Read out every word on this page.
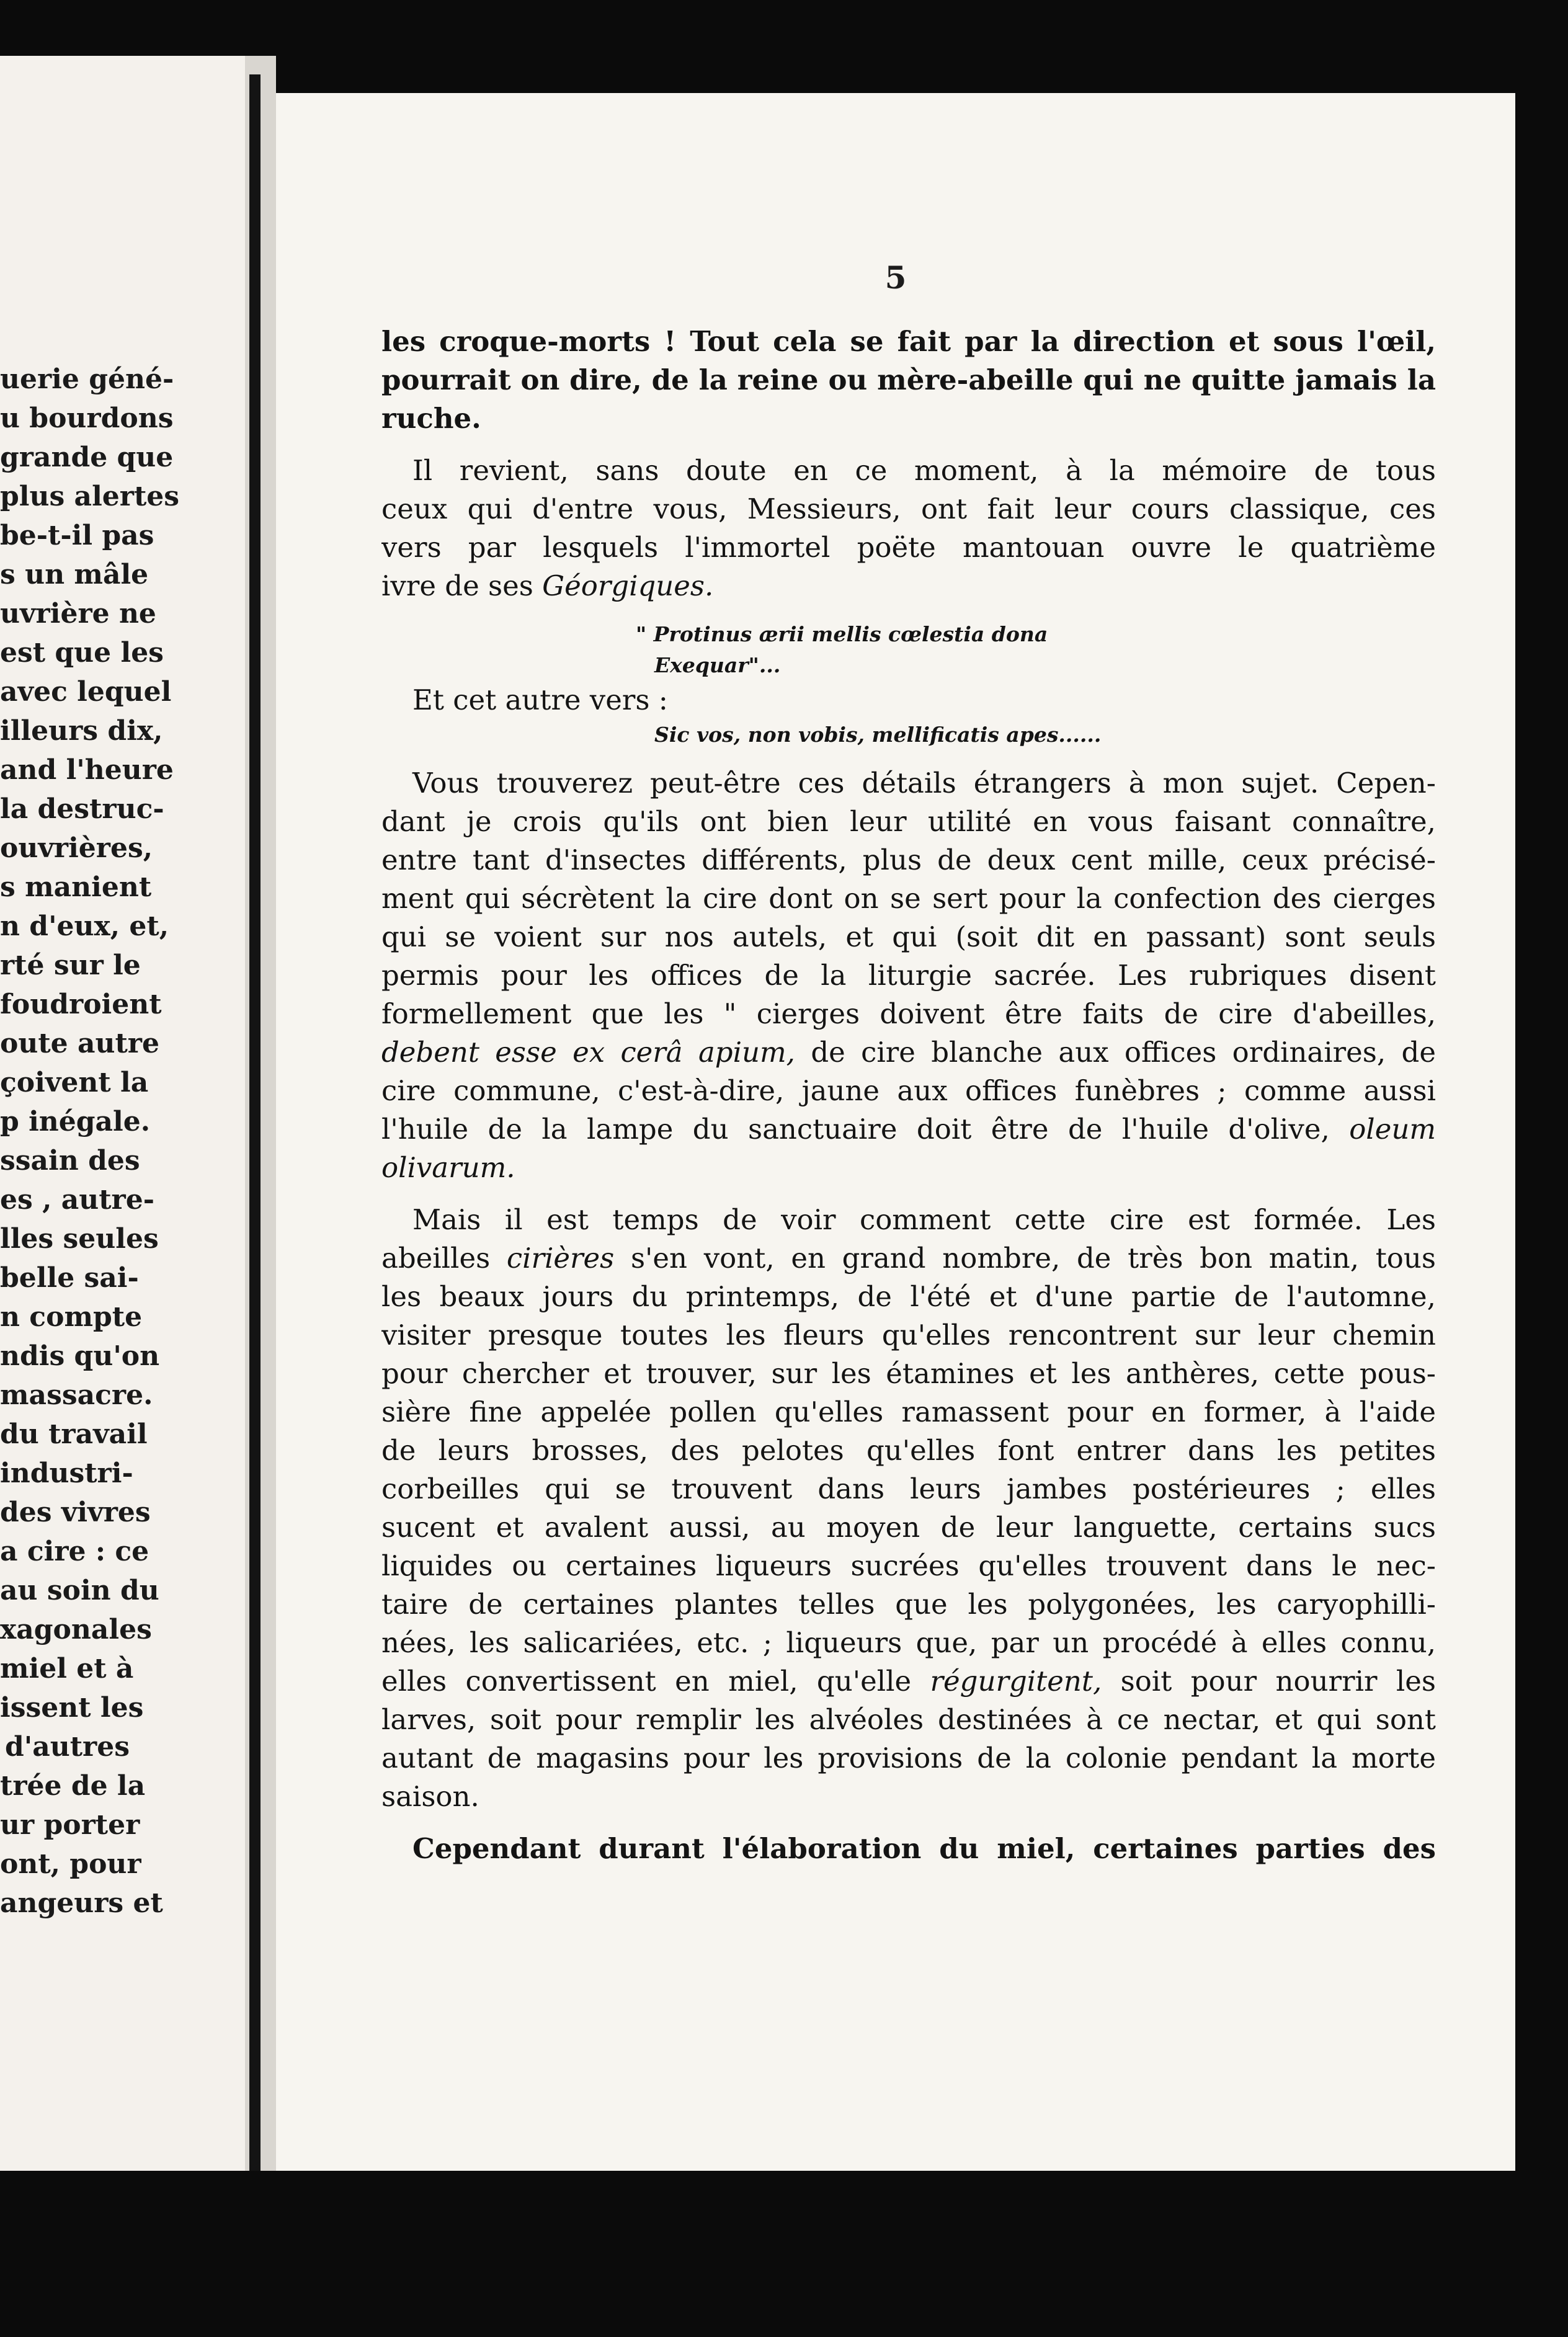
uerie géné-
u bourdons
grande que
plus alertes
be-t-il pas
s un mâle
uvrière ne
est que les
avec lequel
illeurs dix,
and l'heure
la destruc-
ouvrières,
s manient
n d'eux, et,
rté sur le
foudroient
oute autre
çoivent la
p inégale.
ssain des
es , autre-
lles seules
belle sai-
n compte
ndis qu'on
massacre.
du travail
industri-
des vivres
a cire : ce
au soin du
xagonales
miel et à
issent les
d'autres
trée de la
ur porter
ont, pour
angeurs et
5
les croque-morts ! Tout cela se fait par la direction et sous l'œil,
pourrait on dire, de la reine ou mère-abeille qui ne quitte jamais la
ruche.
Il revient, sans doute en ce moment, à la mémoire de tous
ceux qui d'entre vous, Messieurs, ont fait leur cours classique, ces
vers par lesquels l'immortel poëte mantouan ouvre le quatrième
ivre de ses Géorgiques.
" Protinus ærii mellis cœlestia dona
Exequar"...
Et cet autre vers :
Sic vos, non vobis, mellificatis apes......
Vous trouverez peut-être ces détails étrangers à mon sujet. Cepen-
dant je crois qu'ils ont bien leur utilité en vous faisant connaître,
entre tant d'insectes différents, plus de deux cent mille, ceux précisé-
ment qui sécrètent la cire dont on se sert pour la confection des cierges
qui se voient sur nos autels, et qui (soit dit en passant) sont seuls
permis pour les offices de la liturgie sacrée. Les rubriques disent
formellement que les " cierges doivent être faits de cire d'abeilles,
debent esse ex cerâ apium, de cire blanche aux offices ordinaires, de
cire commune, c'est-à-dire, jaune aux offices funèbres ; comme aussi
l'huile de la lampe du sanctuaire doit être de l'huile d'olive, oleum
olivarum.
Mais il est temps de voir comment cette cire est formée. Les
abeilles cirières s'en vont, en grand nombre, de très bon matin, tous
les beaux jours du printemps, de l'été et d'une partie de l'automne,
visiter presque toutes les fleurs qu'elles rencontrent sur leur chemin
pour chercher et trouver, sur les étamines et les anthères, cette pous-
sière fine appelée pollen qu'elles ramassent pour en former, à l'aide
de leurs brosses, des pelotes qu'elles font entrer dans les petites
corbeilles qui se trouvent dans leurs jambes postérieures ; elles
sucent et avalent aussi, au moyen de leur languette, certains sucs
liquides ou certaines liqueurs sucrées qu'elles trouvent dans le nec-
taire de certaines plantes telles que les polygonées, les caryophilli-
nées, les salicariées, etc. ; liqueurs que, par un procédé à elles connu,
elles convertissent en miel, qu'elle régurgitent, soit pour nourrir les
larves, soit pour remplir les alvéoles destinées à ce nectar, et qui sont
autant de magasins pour les provisions de la colonie pendant la morte
saison.
Cependant durant l'élaboration du miel, certaines parties des
